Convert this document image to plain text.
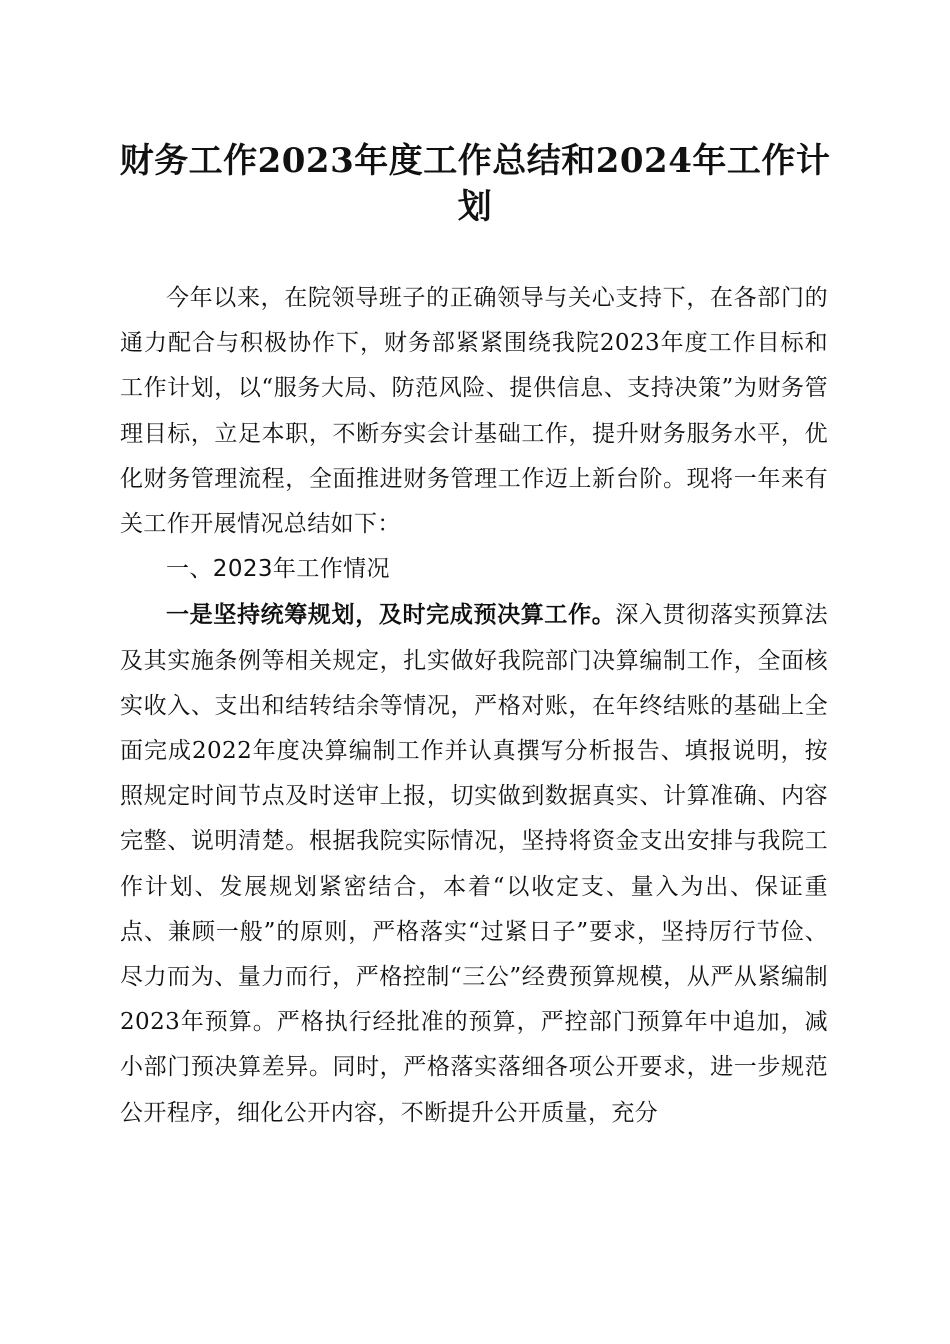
财务工作2023年度工作总结和2024年工作计划

今年以来，在院领导班子的正确领导与关心支持下，在各部门的通力配合与积极协作下，财务部紧紧围绕我院2023年度工作目标和工作计划，以“服务大局、防范风险、提供信息、支持决策”为财务管理目标，立足本职，不断夯实会计基础工作，提升财务服务水平，优化财务管理流程，全面推进财务管理工作迈上新台阶。现将一年来有关工作开展情况总结如下：

一、2023年工作情况

一是坚持统筹规划，及时完成预决算工作。深入贯彻落实预算法及其实施条例等相关规定，扎实做好我院部门决算编制工作，全面核实收入、支出和结转结余等情况，严格对账，在年终结账的基础上全面完成2022年度决算编制工作并认真撰写分析报告、填报说明，按照规定时间节点及时送审上报，切实做到数据真实、计算准确、内容完整、说明清楚。根据我院实际情况，坚持将资金支出安排与我院工作计划、发展规划紧密结合，本着“以收定支、量入为出、保证重点、兼顾一般”的原则，严格落实“过紧日子”要求，坚持厉行节俭、尽力而为、量力而行，严格控制“三公”经费预算规模，从严从紧编制2023年预算。严格执行经批准的预算，严控部门预算年中追加，减小部门预决算差异。同时，严格落实落细各项公开要求，进一步规范公开程序，细化公开内容，不断提升公开质量，充分
